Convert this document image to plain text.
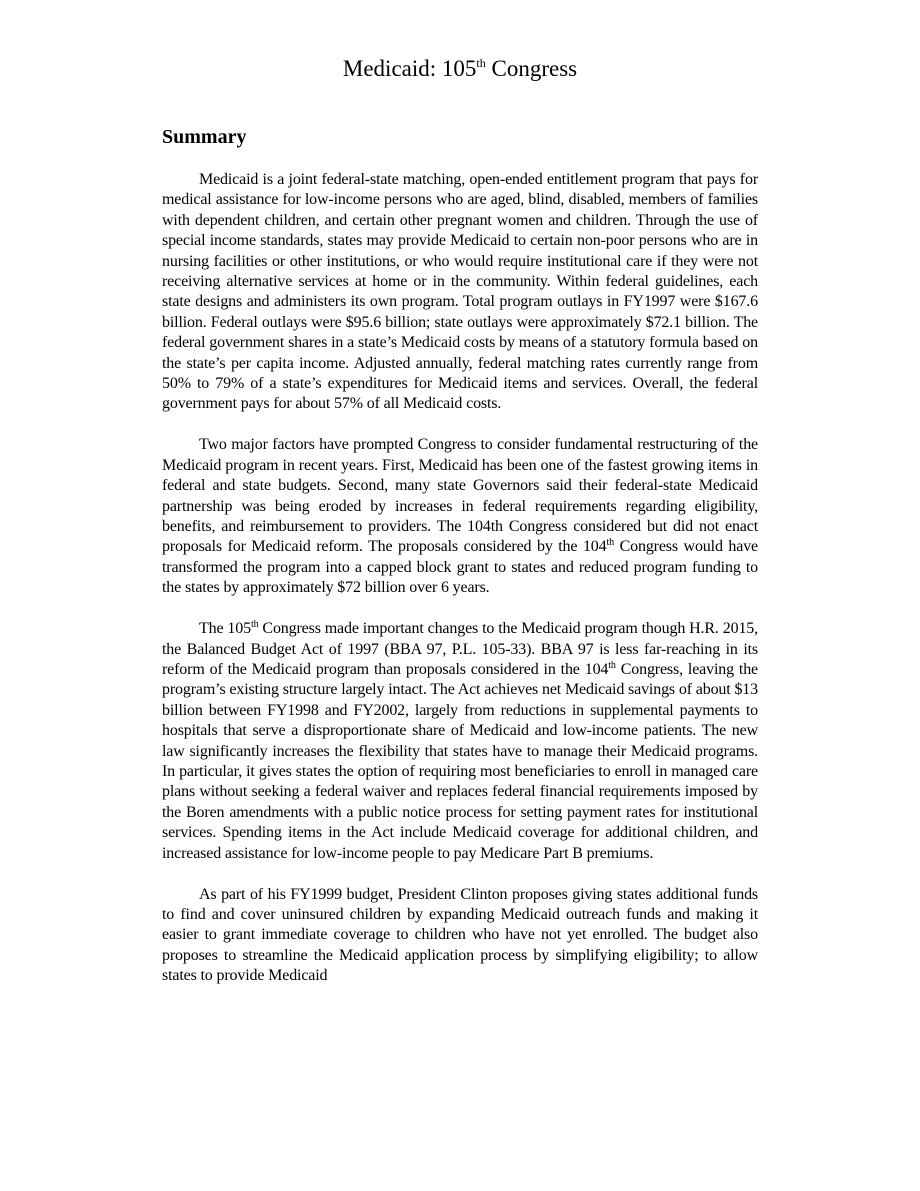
Medicaid: 105th Congress
Summary

Medicaid is a joint federal-state matching, open-ended entitlement program that pays for medical assistance for low-income persons who are aged, blind, disabled, members of families with dependent children, and certain other pregnant women and children. Through the use of special income standards, states may provide Medicaid to certain non-poor persons who are in nursing facilities or other institutions, or who would require institutional care if they were not receiving alternative services at home or in the community. Within federal guidelines, each state designs and administers its own program. Total program outlays in FY1997 were $167.6 billion. Federal outlays were $95.6 billion; state outlays were approximately $72.1 billion. The federal government shares in a state’s Medicaid costs by means of a statutory formula based on the state’s per capita income. Adjusted annually, federal matching rates currently range from 50% to 79% of a state’s expenditures for Medicaid items and services. Overall, the federal government pays for about 57% of all Medicaid costs.

Two major factors have prompted Congress to consider fundamental restructuring of the Medicaid program in recent years. First, Medicaid has been one of the fastest growing items in federal and state budgets. Second, many state Governors said their federal-state Medicaid partnership was being eroded by increases in federal requirements regarding eligibility, benefits, and reimbursement to providers. The 104th Congress considered but did not enact proposals for Medicaid reform. The proposals considered by the 104th Congress would have transformed the program into a capped block grant to states and reduced program funding to the states by approximately $72 billion over 6 years.

The 105th Congress made important changes to the Medicaid program though H.R. 2015, the Balanced Budget Act of 1997 (BBA 97, P.L. 105-33). BBA 97 is less far-reaching in its reform of the Medicaid program than proposals considered in the 104th Congress, leaving the program’s existing structure largely intact. The Act achieves net Medicaid savings of about $13 billion between FY1998 and FY2002, largely from reductions in supplemental payments to hospitals that serve a disproportionate share of Medicaid and low-income patients. The new law significantly increases the flexibility that states have to manage their Medicaid programs. In particular, it gives states the option of requiring most beneficiaries to enroll in managed care plans without seeking a federal waiver and replaces federal financial requirements imposed by the Boren amendments with a public notice process for setting payment rates for institutional services. Spending items in the Act include Medicaid coverage for additional children, and increased assistance for low-income people to pay Medicare Part B premiums.

As part of his FY1999 budget, President Clinton proposes giving states additional funds to find and cover uninsured children by expanding Medicaid outreach funds and making it easier to grant immediate coverage to children who have not yet enrolled. The budget also proposes to streamline the Medicaid application process by simplifying eligibility; to allow states to provide Medicaid
